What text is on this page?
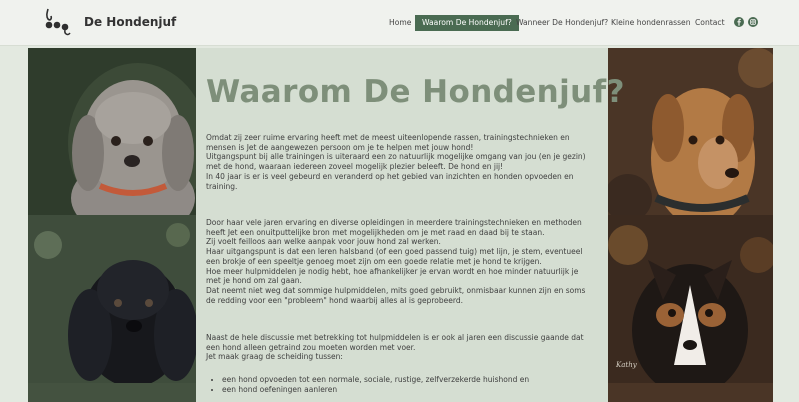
De Hondenjuf	Home	Waarom De Hondenjuf? Wanneer De Hondenjuf? Kleine hondenrassen Contact
Kathy
Waarom De Hondenjuf?

Omdat zij zeer ruime ervaring heeft met de meest uiteenlopende rassen, trainingstechnieken en mensen is Jet de aangewezen persoon om je te helpen met jouw hond!

Uitgangspunt bij alle trainingen is uiteraard een zo natuurlijk mogelijke omgang van jou (en je gezin) met de hond, waaraan iedereen zoveel mogelijk plezier beleeft. De hond en jij!

In 40 jaar is er is veel gebeurd en veranderd op het gebied van inzichten en honden opvoeden en training.

Door haar vele jaren ervaring en diverse opleidingen in meerdere trainingstechnieken en methoden heeft Jet een onuitputtelijke bron met mogelijkheden om je met raad en daad bij te staan.

Zij voelt feilloos aan welke aanpak voor jouw hond zal werken.

Haar uitgangspunt is dat een leren halsband (of een goed passend tuig) met lijn, je stem, eventueel een brokje of een speeltje genoeg moet zijn om een goede relatie met je hond te krijgen.

Hoe meer hulpmiddelen je nodig hebt, hoe afhankelijker je ervan wordt en hoe minder natuurlijk je met je hond om zal gaan.

Dat neemt niet weg dat sommige hulpmiddelen, mits goed gebruikt, onmisbaar kunnen zijn en soms de redding voor een "probleem" hond waarbij alles al is geprobeerd.

Naast de hele discussie met betrekking tot hulpmiddelen is er ook al jaren een discussie gaande dat een hond alleen getraind zou moeten worden met voer.

Jet maak graag de scheiding tussen:

• een hond opvoeden tot een normale, sociale, rustige, zelfverzekerde huishond en
• een hond oefeningen aanleren
